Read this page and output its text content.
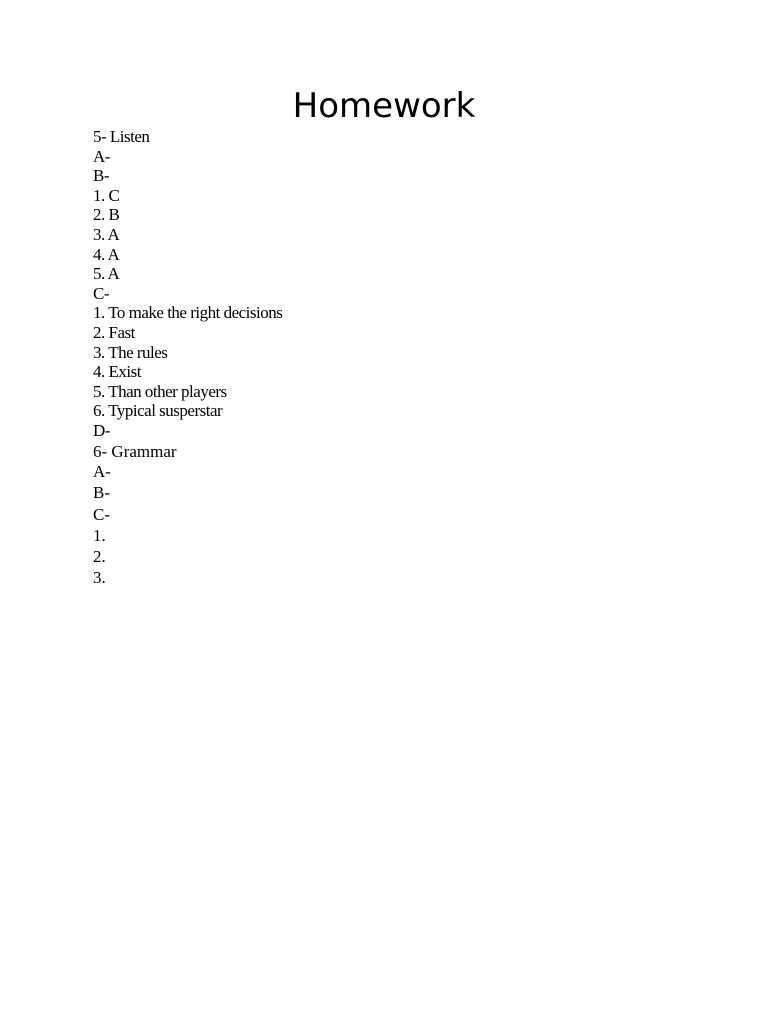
Homework
5- Listen
A-
B-
1. C
2. B
3. A
4. A
5. A
C-
1. To make the right decisions
2. Fast
3. The rules
4. Exist
5. Than other players
6. Typical susperstar
D-
6- Grammar
A-
B-
C-
1.
2.
3.
